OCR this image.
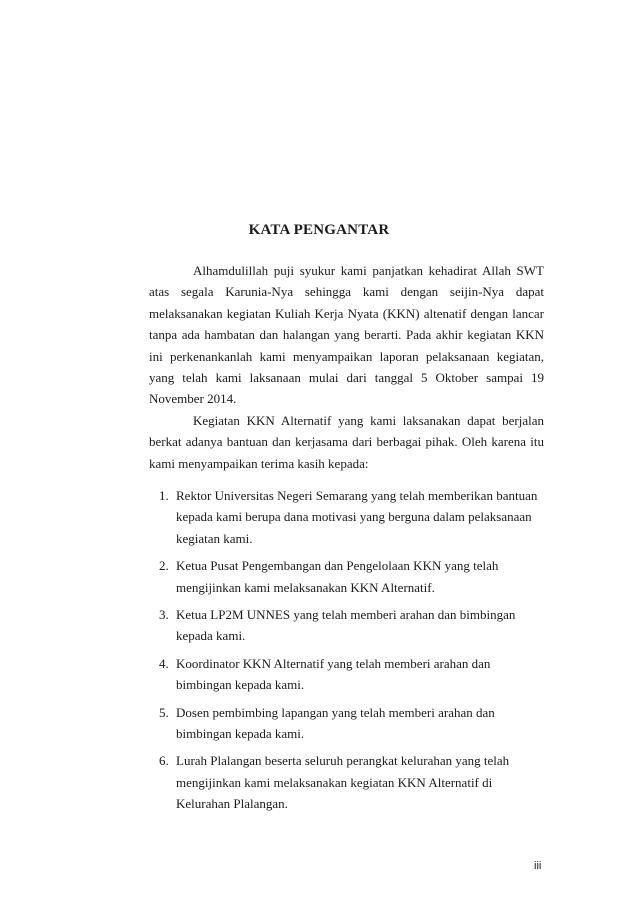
KATA PENGANTAR

Alhamdulillah puji syukur kami panjatkan kehadirat Allah SWT atas segala Karunia-Nya sehingga kami dengan seijin-Nya dapat melaksanakan kegiatan Kuliah Kerja Nyata (KKN) altenatif dengan lancar tanpa ada hambatan dan halangan yang berarti. Pada akhir kegiatan KKN ini perkenankanlah kami menyampaikan laporan pelaksanaan kegiatan, yang telah kami laksanaan mulai dari tanggal 5 Oktober sampai 19 November 2014.

Kegiatan KKN Alternatif yang kami laksanakan dapat berjalan berkat adanya bantuan dan kerjasama dari berbagai pihak. Oleh karena itu kami menyampaikan terima kasih kepada:

1. Rektor Universitas Negeri Semarang yang telah memberikan bantuan kepada kami berupa dana motivasi yang berguna dalam pelaksanaan kegiatan kami.
2. Ketua Pusat Pengembangan dan Pengelolaan KKN yang telah mengijinkan kami melaksanakan KKN Alternatif.
3. Ketua LP2M UNNES yang telah memberi arahan dan bimbingan kepada kami.
4. Koordinator KKN Alternatif yang telah memberi arahan dan bimbingan kepada kami.
5. Dosen pembimbing lapangan yang telah memberi arahan dan bimbingan kepada kami.
6. Lurah Plalangan beserta seluruh perangkat kelurahan yang telah mengijinkan kami melaksanakan kegiatan KKN Alternatif di Kelurahan Plalangan.
iii
